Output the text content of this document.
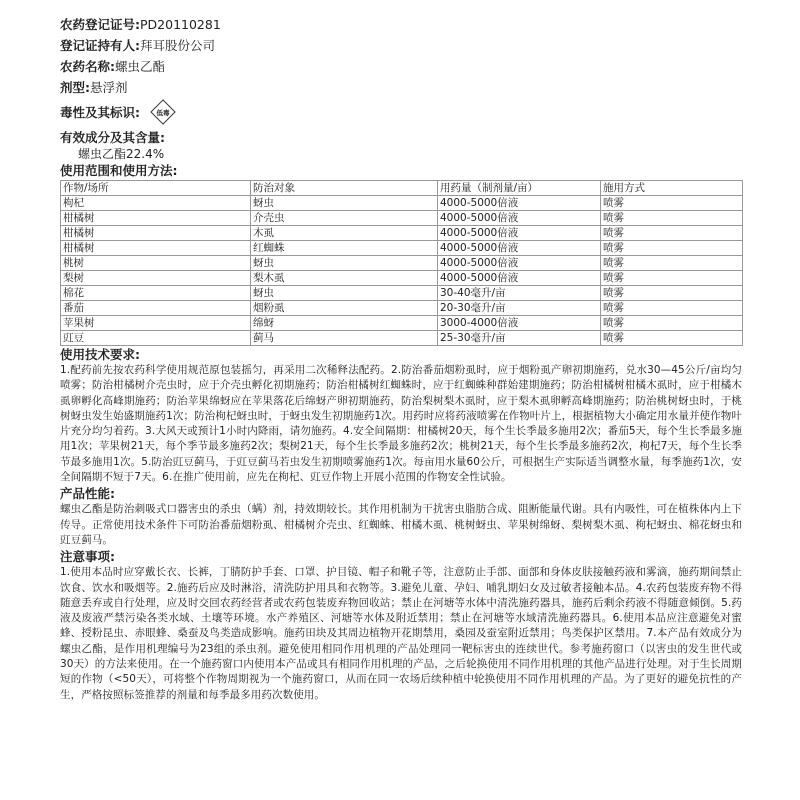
农药登记证号:PD20110281
登记证持有人:拜耳股份公司
农药名称:螺虫乙酯
剂型:悬浮剂
毒性及其标识:	低毒
有效成分及其含量:
螺虫乙酯22.4%
使用范围和使用方法:
作物/场所	防治对象	用药量（制剂量/亩）	施用方式
枸杞	蚜虫	4000-5000倍液	喷雾
柑橘树	介壳虫	4000-5000倍液	喷雾
柑橘树	木虱	4000-5000倍液	喷雾
柑橘树	红蜘蛛	4000-5000倍液	喷雾
桃树	蚜虫	4000-5000倍液	喷雾
梨树	梨木虱	4000-5000倍液	喷雾
棉花	蚜虫	30-40毫升/亩	喷雾
番茄	烟粉虱	20-30毫升/亩	喷雾
苹果树	绵蚜	3000-4000倍液	喷雾
豇豆	蓟马	25-30毫升/亩	喷雾
使用技术要求:
1.配药前先按农药科学使用规范原包装摇匀，再采用二次稀释法配药。2.防治番茄烟粉虱时，应于烟粉虱产卵初期施药，兑水30—45公斤/亩均匀喷雾；防治柑橘树介壳虫时，应于介壳虫孵化初期施药；防治柑橘树红蜘蛛时，应于红蜘蛛种群始建期施药；防治柑橘树柑橘木虱时，应于柑橘木虱卵孵化高峰期施药；防治苹果绵蚜应在苹果落花后绵蚜产卵初期施药，防治梨树梨木虱时，应于梨木虱卵孵高峰期施药；防治桃树蚜虫时，于桃树蚜虫发生始盛期施药1次；防治枸杞蚜虫时，于蚜虫发生初期施药1次。用药时应将药液喷雾在作物叶片上，根据植物大小确定用水量并使作物叶片充分均匀着药。3.大风天或预计1小时内降雨，请勿施药。4.安全间隔期：柑橘树20天，每个生长季最多施用2次；番茄5天，每个生长季最多施用1次；苹果树21天，每个季节最多施药2次；梨树21天，每个生长季最多施药2次；桃树21天，每个生长季最多施药2次，枸杞7天，每个生长季节最多施用1次。5.防治豇豆蓟马，于豇豆蓟马若虫发生初期喷雾施药1次。每亩用水量60公斤，可根据生产实际适当调整水量，每季施药1次，安全间隔期不短于7天。6.在推广使用前，应先在枸杞、豇豆作物上开展小范围的作物安全性试验。
产品性能:
螺虫乙酯是防治刺吸式口器害虫的杀虫（螨）剂，持效期较长。其作用机制为干扰害虫脂肪合成、阻断能量代谢。具有内吸性，可在植株体内上下传导。正常使用技术条件下可防治番茄烟粉虱、柑橘树介壳虫、红蜘蛛、柑橘木虱、桃树蚜虫、苹果树绵蚜、梨树梨木虱、枸杞蚜虫、棉花蚜虫和豇豆蓟马。
注意事项:
1.使用本品时应穿戴长衣、长裤，丁腈防护手套、口罩、护目镜、帽子和靴子等，注意防止手部、面部和身体皮肤接触药液和雾滴，施药期间禁止饮食、饮水和吸烟等。2.施药后应及时淋浴，清洗防护用具和衣物等。3.避免儿童、孕妇、哺乳期妇女及过敏者接触本品。4.农药包装废弃物不得随意丢弃或自行处理，应及时交回农药经营者或农药包装废弃物回收站；禁止在河塘等水体中清洗施药器具，施药后剩余药液不得随意倾倒。5.药液及废液严禁污染各类水域、土壤等环境。水产养殖区、河塘等水体及附近禁用；禁止在河塘等水域清洗施药器具。6.使用本品应注意避免对蜜蜂、授粉昆虫、赤眼蜂、桑蚕及鸟类造成影响。施药田块及其周边植物开花期禁用，桑园及蚕室附近禁用；鸟类保护区禁用。7.本产品有效成分为螺虫乙酯，是作用机理编号为23组的杀虫剂。避免使用相同作用机理的产品处理同一靶标害虫的连续世代。参考施药窗口（以害虫的发生世代或30天）的方法来使用。在一个施药窗口内使用本产品或具有相同作用机理的产品，之后轮换使用不同作用机理的其他产品进行处理。对于生长周期短的作物（<50天），可将整个作物周期视为一个施药窗口，从而在同一农场后续种植中轮换使用不同作用机理的产品。为了更好的避免抗性的产生，严格按照标签推荐的剂量和每季最多用药次数使用。
